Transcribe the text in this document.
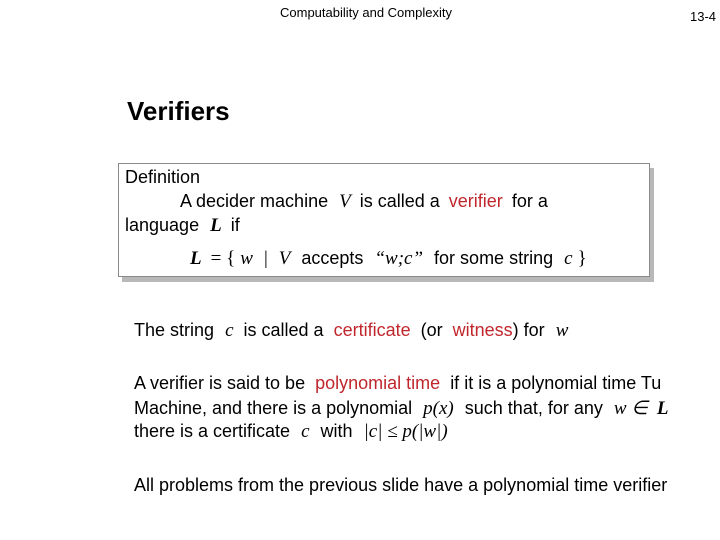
Computability and Complexity	13-4
Verifiers
Definition
A decider machine V is called a verifier for a
language L if
L = { w | V accepts “w;c” for some string c }
The string c is called a certificate (or witness) for w
A verifier is said to be polynomial time if it is a polynomial time Tu
Machine, and there is a polynomial p(x) such that, for any w ∈ L
there is a certificate c with |c| ≤ p(|w|)
All problems from the previous slide have a polynomial time verifier
